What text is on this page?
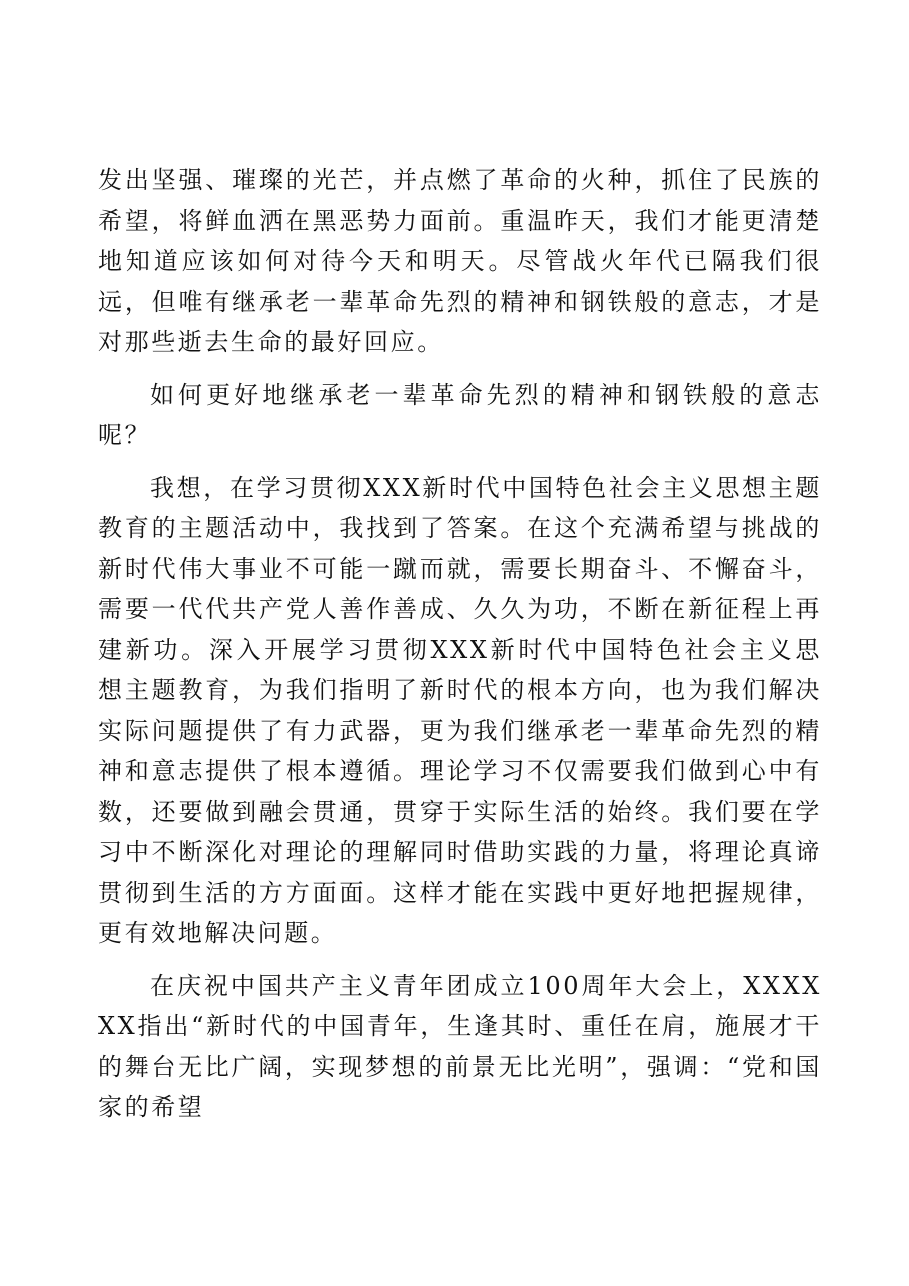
发出坚强、璀璨的光芒，并点燃了革命的火种，抓住了民族的希望，将鲜血洒在黑恶势力面前。重温昨天，我们才能更清楚地知道应该如何对待今天和明天。尽管战火年代已隔我们很远，但唯有继承老一辈革命先烈的精神和钢铁般的意志，才是对那些逝去生命的最好回应。

如何更好地继承老一辈革命先烈的精神和钢铁般的意志呢？

我想，在学习贯彻XXX新时代中国特色社会主义思想主题教育的主题活动中，我找到了答案。在这个充满希望与挑战的新时代伟大事业不可能一蹴而就，需要长期奋斗、不懈奋斗，需要一代代共产党人善作善成、久久为功，不断在新征程上再建新功。深入开展学习贯彻XXX新时代中国特色社会主义思想主题教育，为我们指明了新时代的根本方向，也为我们解决实际问题提供了有力武器，更为我们继承老一辈革命先烈的精神和意志提供了根本遵循。理论学习不仅需要我们做到心中有数，还要做到融会贯通，贯穿于实际生活的始终。我们要在学习中不断深化对理论的理解同时借助实践的力量，将理论真谛贯彻到生活的方方面面。这样才能在实践中更好地把握规律，更有效地解决问题。

在庆祝中国共产主义青年团成立100周年大会上，XXXXXX指出“新时代的中国青年，生逢其时、重任在肩，施展才干的舞台无比广阔，实现梦想的前景无比光明”，强调：“党和国家的希望
